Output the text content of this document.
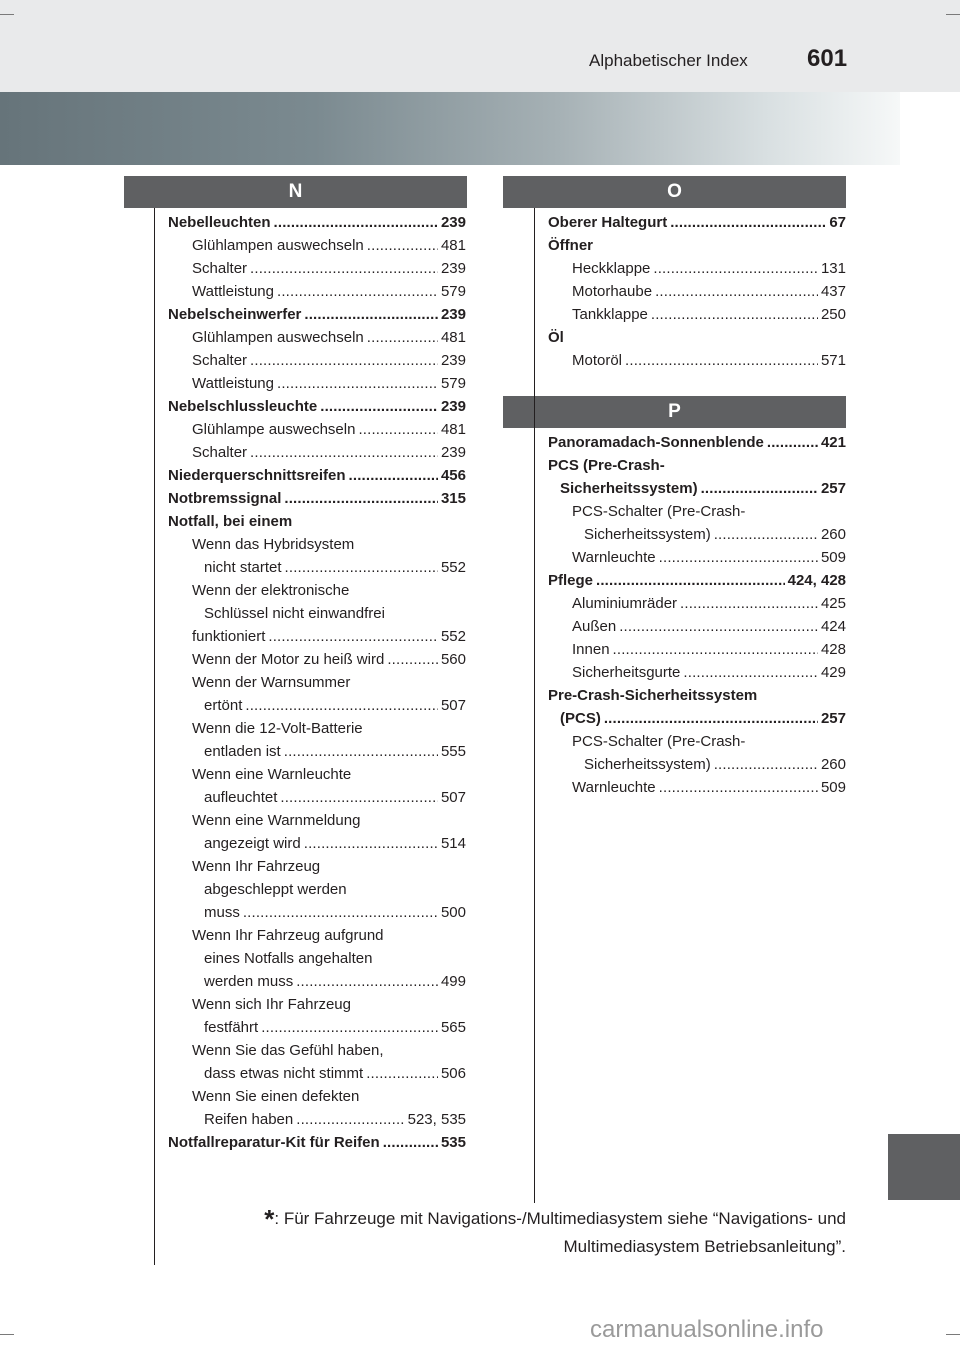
Alphabetischer Index 601
N	O
P
Nebelleuchten . . .	239
Glühlampen auswechseln . . .	481
Schalter . . .	239
Wattleistung . . .	579
Nebelscheinwerfer . . .	239
Glühlampen auswechseln . . .	481
Schalter . . .	239
Wattleistung . . .	579
Nebelschlussleuchte . . .	239
Glühlampe auswechseln . . .	481
Schalter . . .	239
Niederquerschnittsreifen . . .	456
Notbremssignal . . .	315
Notfall, bei einem
Wenn das Hybridsystem
nicht startet . . .	552
Wenn der elektronische
Schlüssel nicht einwandfrei
funktioniert . . .	552
Wenn der Motor zu heiß wird . . .	560
Wenn der Warnsummer
ertönt . . .	507
Wenn die 12-Volt-Batterie
entladen ist . . .	555
Wenn eine Warnleuchte
aufleuchtet . . .	507
Wenn eine Warnmeldung
angezeigt wird . . .	514
Wenn Ihr Fahrzeug
abgeschleppt werden
muss . . .	500
Wenn Ihr Fahrzeug aufgrund
eines Notfalls angehalten
werden muss . . .	499
Wenn sich Ihr Fahrzeug
festfährt . . .	565
Wenn Sie das Gefühl haben,
dass etwas nicht stimmt . . .	506
Wenn Sie einen defekten
Reifen haben . . .	523, 535
Notfallreparatur-Kit für Reifen . . .	535
Oberer Haltegurt . . .	67
Öffner
Heckklappe . . .	131
Motorhaube . . .	437
Tankklappe . . .	250
Öl
Motoröl . . .	571
Panoramadach-Sonnenblende . . .	421
PCS (Pre-Crash-
Sicherheitssystem) . . .	257
PCS-Schalter (Pre-Crash-
Sicherheitssystem) . . .	260
Warnleuchte . . .	509
Pflege . . .	424, 428
Aluminiumräder . . .	425
Außen . . .	424
Innen . . .	428
Sicherheitsgurte . . .	429
Pre-Crash-Sicherheitssystem
(PCS) . . .	257
PCS-Schalter (Pre-Crash-
Sicherheitssystem) . . .	260
Warnleuchte . . .	509
*: Für Fahrzeuge mit Navigations-/Multimediasystem siehe “Navigations- und
Multimediasystem Betriebsanleitung”.
carmanualsonline.info
